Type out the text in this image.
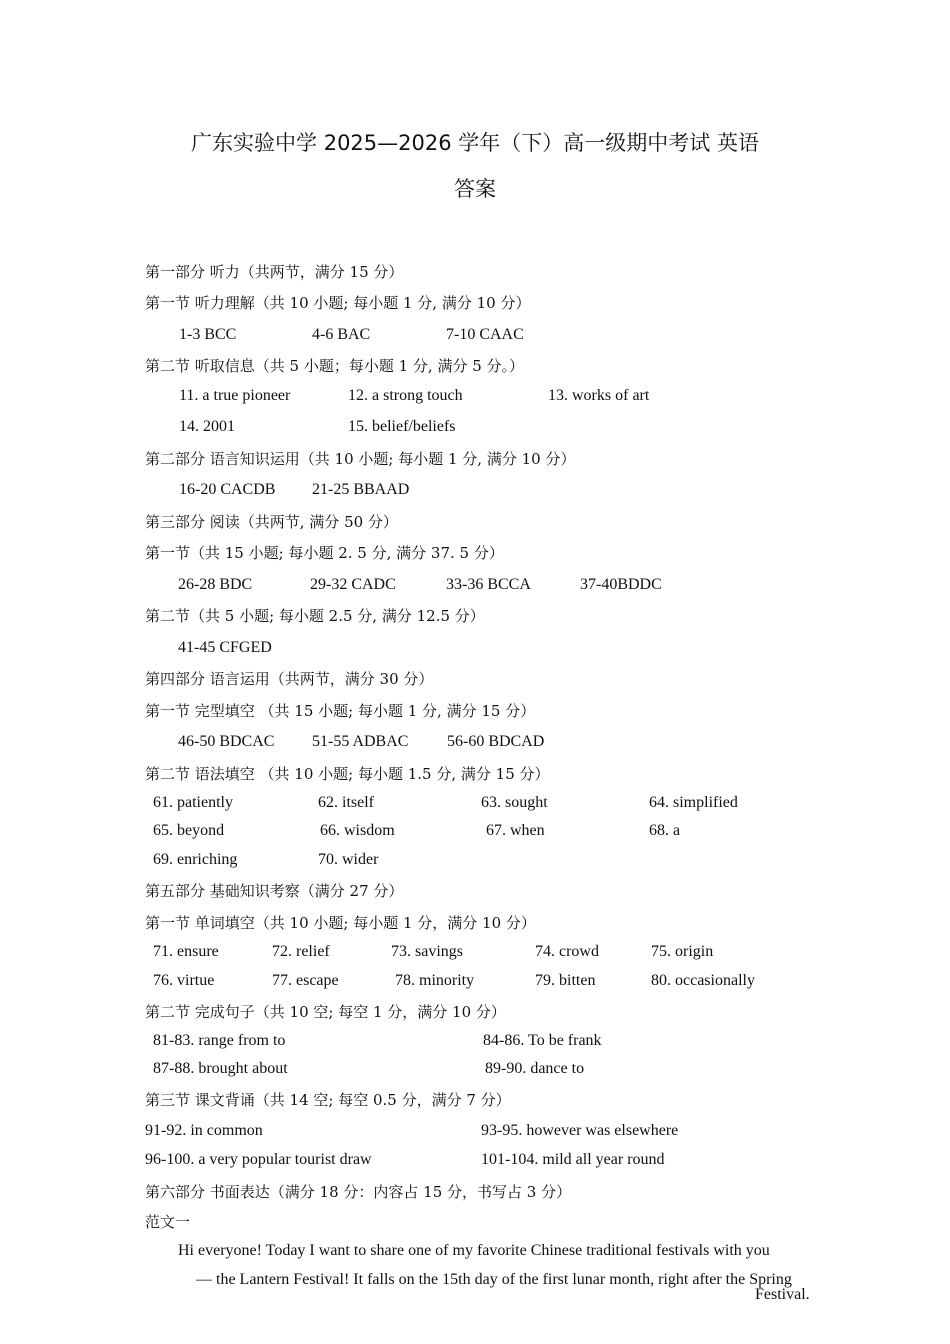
广东实验中学 2025—2026 学年（下）高一级期中考试 英语
答案
第一部分 听力（共两节，满分 15 分）
第一节 听力理解（共 10 小题; 每小题 1 分, 满分 10 分）
1-3 BCC	4-6 BAC	7-10 CAAC
第二节 听取信息（共 5 小题；每小题 1 分, 满分 5 分。）
11. a true pioneer	12. a strong touch	13. works of art
14. 2001	15. belief/beliefs
第二部分 语言知识运用（共 10 小题; 每小题 1 分, 满分 10 分）
16-20 CACDB 21-25 BBAAD
第三部分 阅读（共两节, 满分 50 分）
第一节（共 15 小题; 每小题 2. 5 分, 满分 37. 5 分）
26-28 BDC	29-32 CADC	33-36 BCCA	37-40BDDC
第二节（共 5 小题; 每小题 2.5 分, 满分 12.5 分）
41-45 CFGED
第四部分 语言运用（共两节，满分 30 分）
第一节 完型填空 （共 15 小题; 每小题 1 分, 满分 15 分）
46-50 BDCAC 51-55 ADBAC 56-60 BDCAD
第二节 语法填空 （共 10 小题; 每小题 1.5 分, 满分 15 分）
61. patiently	62. itself	63. sought	64. simplified
65. beyond	66. wisdom	67. when	68. a
69. enriching	70. wider
第五部分 基础知识考察（满分 27 分）
第一节 单词填空（共 10 小题; 每小题 1 分，满分 10 分）
71. ensure	72. relief	73. savings	74. crowd	75. origin
76. virtue	77. escape	78. minority	79. bitten	80. occasionally
第二节 完成句子（共 10 空; 每空 1 分，满分 10 分）
81-83. range from to	84-86. To be frank
87-88. brought about	89-90. dance to
第三节 课文背诵（共 14 空; 每空 0.5 分，满分 7 分）
91-92. in common	93-95. however was elsewhere
96-100. a very popular tourist draw	101-104. mild all year round
第六部分 书面表达（满分 18 分：内容占 15 分，书写占 3 分）
范文一
Hi everyone! Today I want to share one of my favorite Chinese traditional festivals with you
— the Lantern Festival! It falls on the 15th day of the first lunar month, right after the Spring
Festival.
